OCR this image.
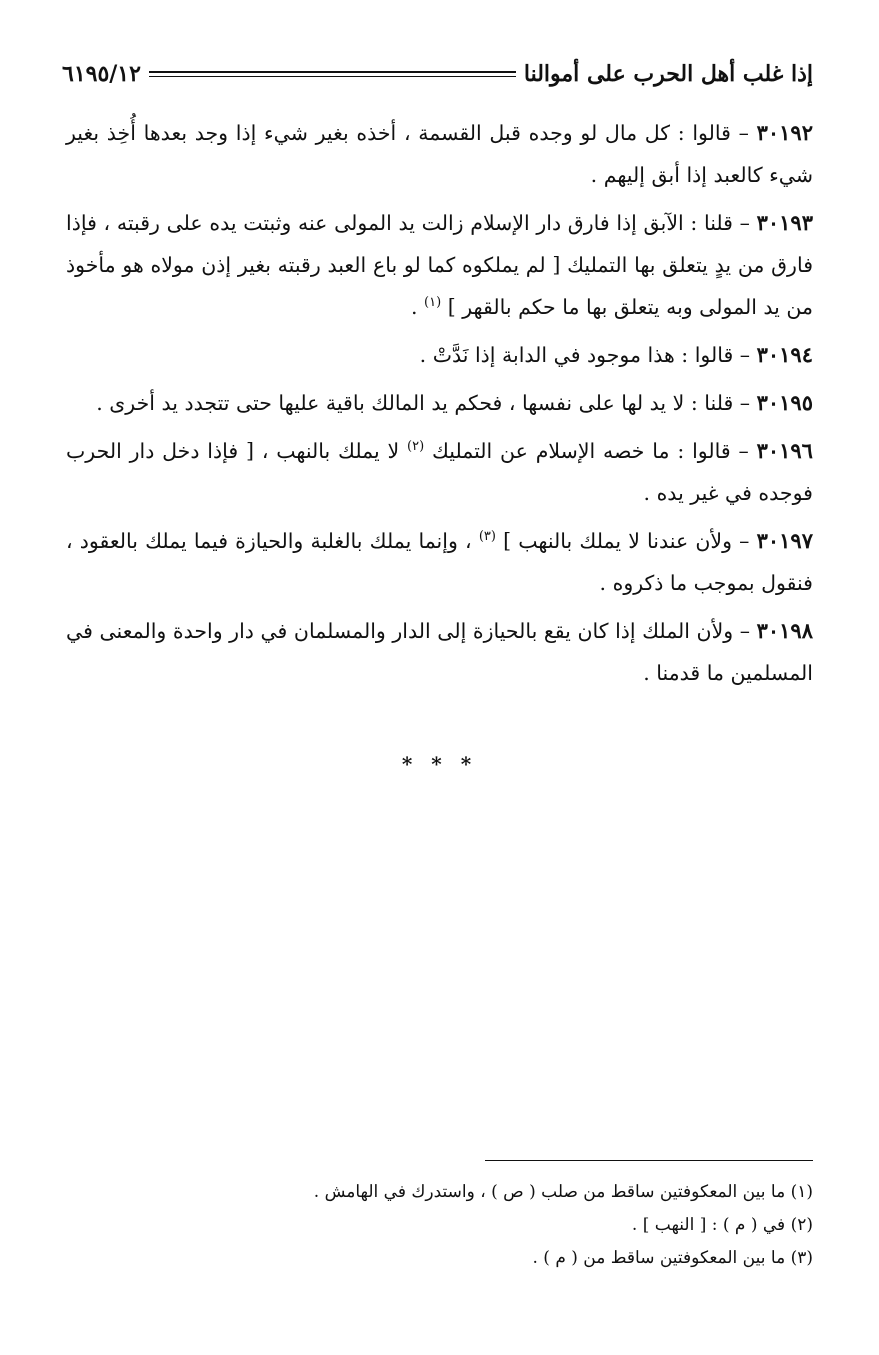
إذا غلب أهل الحرب على أموالنا
٦١٩٥/١٢

٣٠١٩٢ – قالوا : كل مال لو وجده قبل القسمة ، أخذه بغير شيء إذا وجد بعدها أُخِذ بغير شيء كالعبد إذا أبق إليهم .

٣٠١٩٣ – قلنا : الآبق إذا فارق دار الإسلام زالت يد المولى عنه وثبتت يده على رقبته ، فإذا فارق من يدٍ يتعلق بها التمليك [ لم يملكوه كما لو باع العبد رقبته بغير إذن مولاه هو مأخوذ من يد المولى وبه يتعلق بها ما حكم بالقهر ] $^{(١)}$ .

٣٠١٩٤ – قالوا : هذا موجود في الدابة إذا نَدَّتْ .

٣٠١٩٥ – قلنا : لا يد لها على نفسها ، فحكم يد المالك باقية عليها حتى تتجدد يد أخرى .

٣٠١٩٦ – قالوا : ما خصه الإسلام عن التمليك $^{(٢)}$ لا يملك بالنهب ، [ فإذا دخل دار الحرب فوجده في غير يده .

٣٠١٩٧ – ولأن عندنا لا يملك بالنهب ] $^{(٣)}$ ، وإنما يملك بالغلبة والحيازة فيما يملك بالعقود ، فنقول بموجب ما ذكروه .

٣٠١٩٨ – ولأن الملك إذا كان يقع بالحيازة إلى الدار والمسلمان في دار واحدة والمعنى في المسلمين ما قدمنا .

* * *

(١) ما بين المعكوفتين ساقط من صلب ( ص ) ، واستدرك في الهامش .

(٢) في ( م ) : [ النهب ] .

(٣) ما بين المعكوفتين ساقط من ( م ) .
